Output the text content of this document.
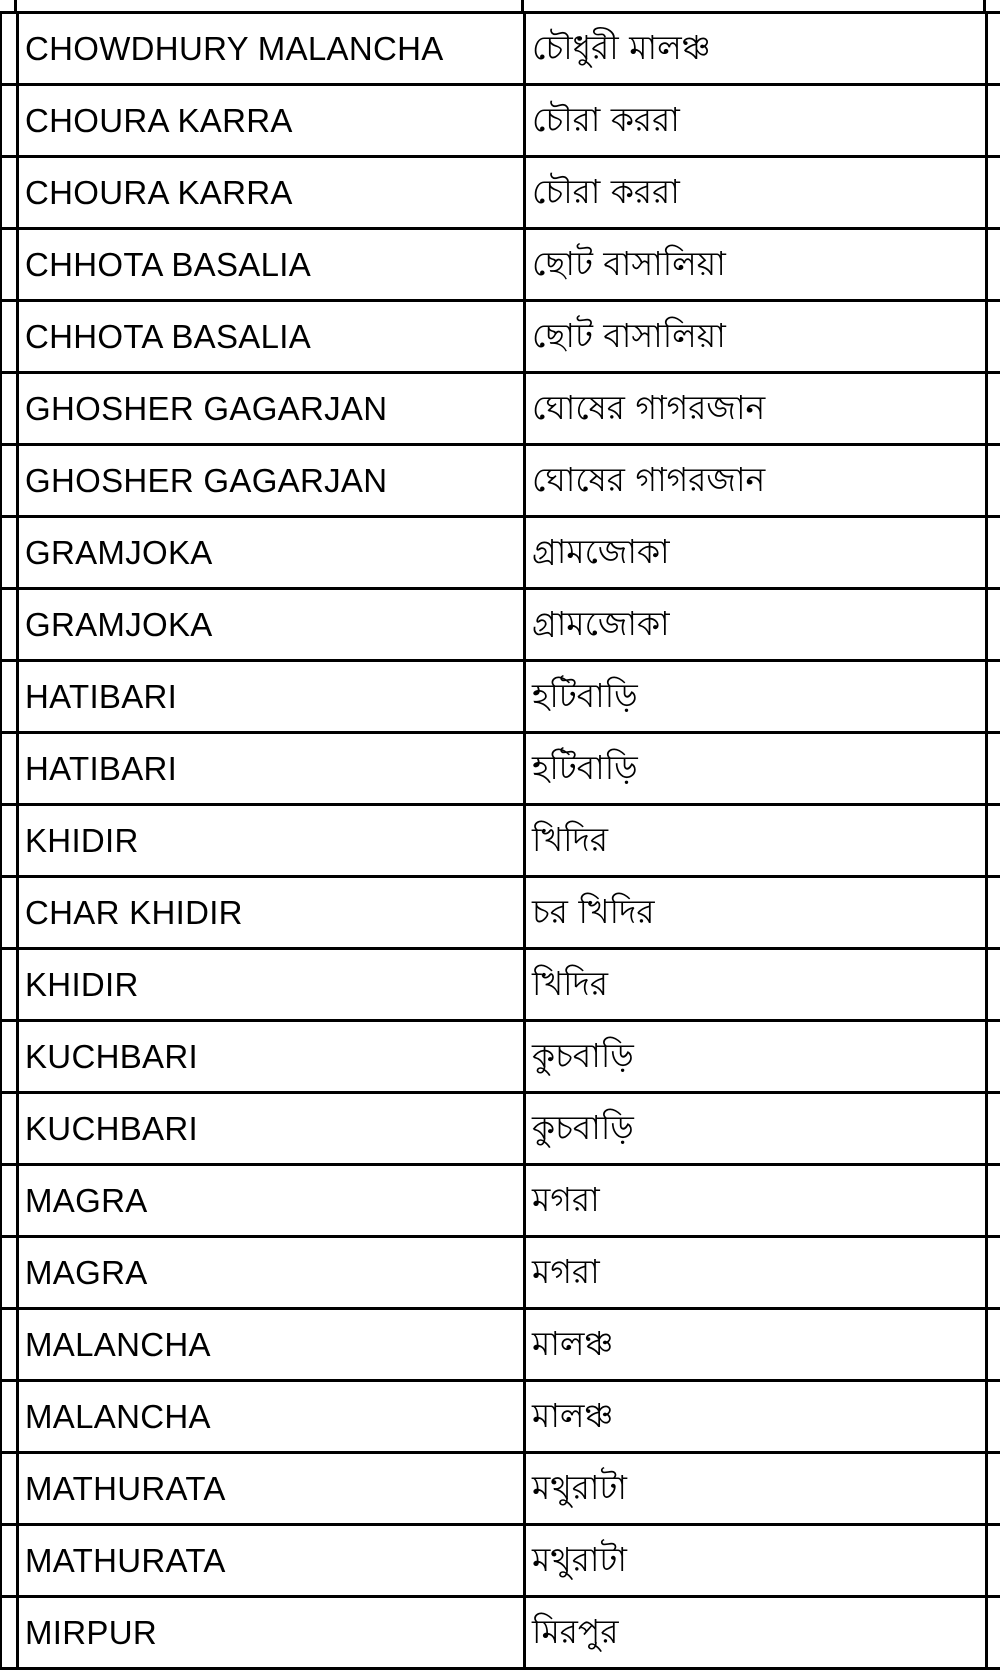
	CHOWDHURY MALANCHA	চৌধুরী মালঞ্চ	
	CHOURA KARRA	চৌরা কররা	
	CHOURA KARRA	চৌরা কররা	
	CHHOTA BASALIA	ছোট বাসালিয়া	
	CHHOTA BASALIA	ছোট বাসালিয়া	
	GHOSHER GAGARJAN	ঘোষের গাগরজান	
	GHOSHER GAGARJAN	ঘোষের গাগরজান	
	GRAMJOKA	গ্রামজোকা	
	GRAMJOKA	গ্রামজোকা	
	HATIBARI	হটিবাড়ি	
	HATIBARI	হটিবাড়ি	
	KHIDIR	খিদির	
	CHAR KHIDIR	চর খিদির	
	KHIDIR	খিদির	
	KUCHBARI	কুচবাড়ি	
	KUCHBARI	কুচবাড়ি	
	MAGRA	মগরা	
	MAGRA	মগরা	
	MALANCHA	মালঞ্চ	
	MALANCHA	মালঞ্চ	
	MATHURATA	মথুরাটা	
	MATHURATA	মথুরাটা	
	MIRPUR	মিরপুর	
